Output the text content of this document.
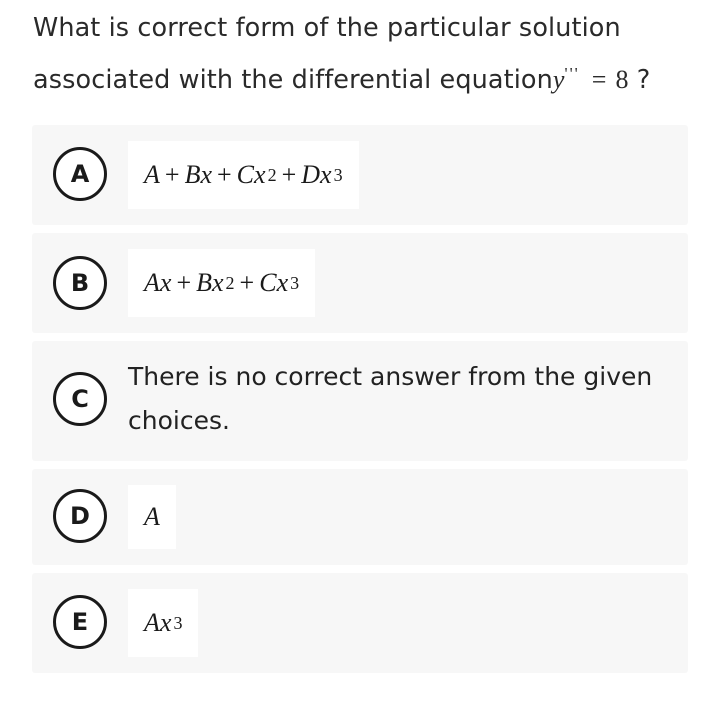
What is correct form of the particular solution associated with the differential equationy''' = 8 ?
A	A + B x + C x 2 + D x 3
B	A x + B x 2 + C x 3
C
There is no correct answer from the given choices.
D	A
E	A x 3
